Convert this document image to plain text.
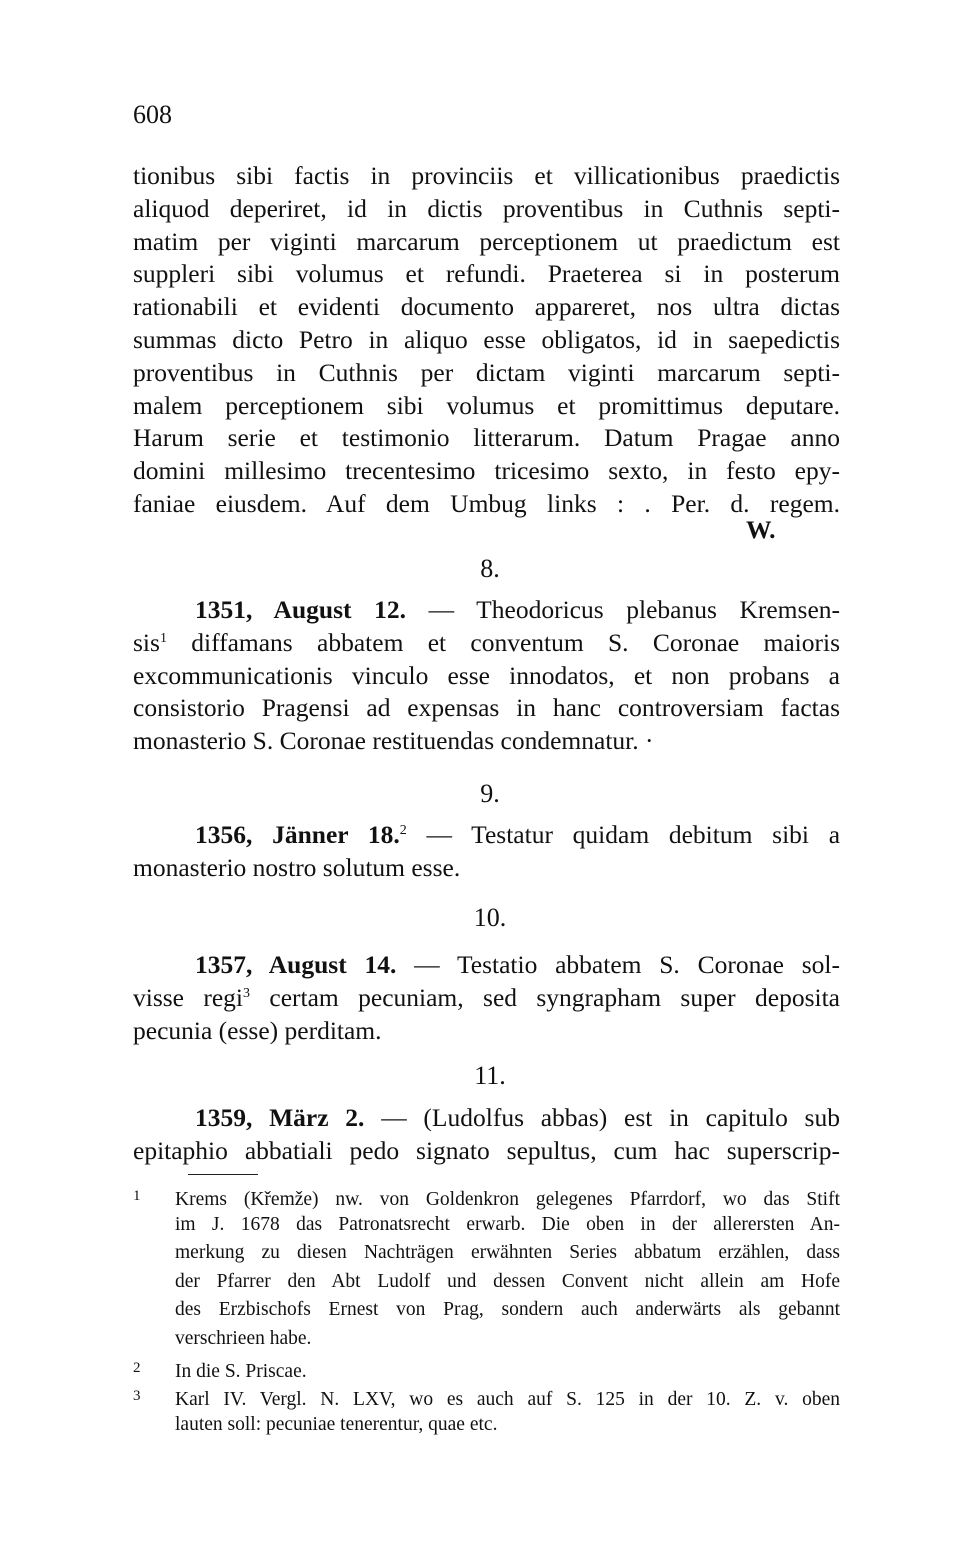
608
tionibus sibi factis in provinciis et villicationibus praedictis
aliquod deperiret, id in dictis proventibus in Cuthnis septi-
matim per viginti marcarum perceptionem ut praedictum est
suppleri sibi volumus et refundi. Praeterea si in posterum
rationabili et evidenti documento appareret, nos ultra dictas
summas dicto Petro in aliquo esse obligatos, id in saepedictis
proventibus in Cuthnis per dictam viginti marcarum septi-
malem perceptionem sibi volumus et promittimus deputare.
Harum serie et testimonio litterarum. Datum Pragae anno
domini millesimo trecentesimo tricesimo sexto, in festo epy-
faniae eiusdem. Auf dem Umbug links : . Per. d. regem.
W.
8.
1351, August 12. — Theodoricus plebanus Kremsen-
sis$^1$ diffamans abbatem et conventum S. Coronae maioris
excommunicationis vinculo esse innodatos, et non probans a
consistorio Pragensi ad expensas in hanc controversiam factas
monasterio S. Coronae restituendas condemnatur. ·
9.
1356, Jänner 18.$^2$ — Testatur quidam debitum sibi a
monasterio nostro solutum esse.
10.
1357, August 14. — Testatio abbatem S. Coronae sol-
visse regi$^3$ certam pecuniam, sed syngrapham super deposita
pecunia (esse) perditam.
11.
1359, März 2. — (Ludolfus abbas) est in capitulo sub
epitaphio abbatiali pedo signato sepultus, cum hac superscrip-
1 Krems (Křemže) nw. von Goldenkron gelegenes Pfarrdorf, wo das Stift
im J. 1678 das Patronatsrecht erwarb. Die oben in der allerersten An-
merkung zu diesen Nachträgen erwähnten Series abbatum erzählen, dass
der Pfarrer den Abt Ludolf und dessen Convent nicht allein am Hofe
des Erzbischofs Ernest von Prag, sondern auch anderwärts als gebannt
verschrieen habe.
2 In die S. Priscae.
3 Karl IV. Vergl. N. LXV, wo es auch auf S. 125 in der 10. Z. v. oben
lauten soll: pecuniae tenerentur, quae etc.
